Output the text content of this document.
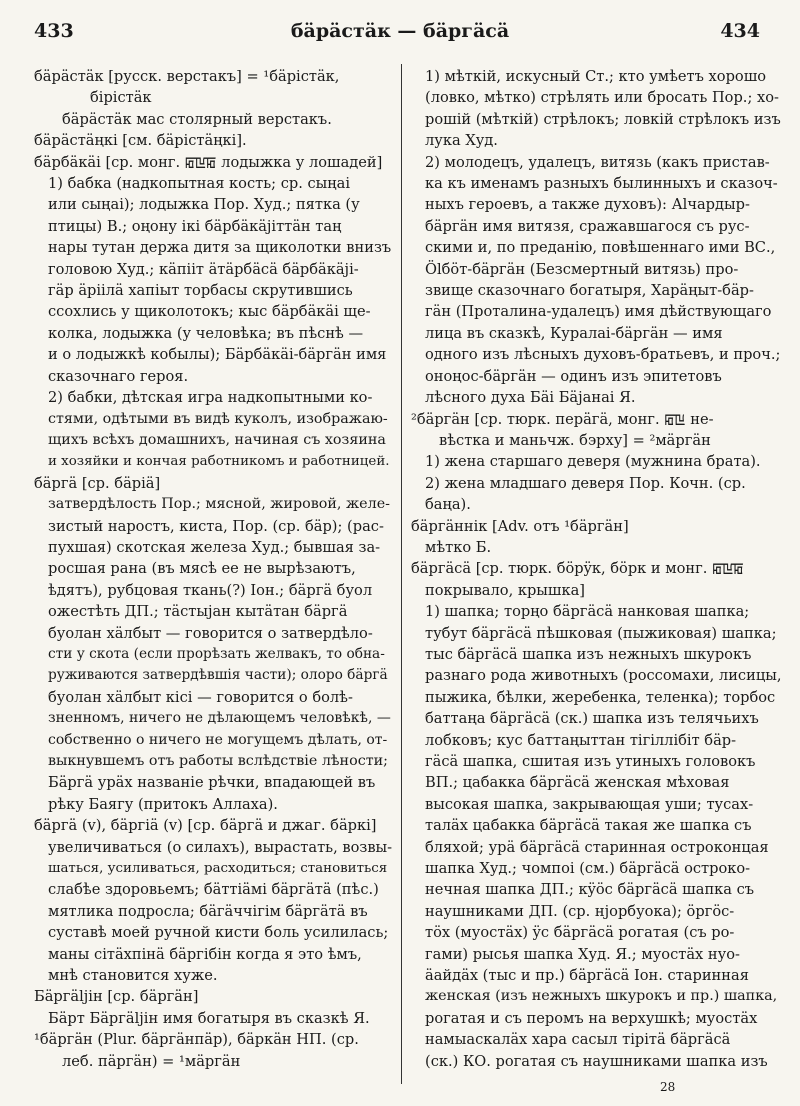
433	бäрäстäк — бäргäсä	434
бäрäстäк [русск. верстакъ] = ¹бäрiстäк,
бiрiстäк
бäрäстäк мас столярный верстакъ.
бäрäстäңкi [см. бäрiстäңкi].
бäрбäкäi [ср. монг. ꡂꡖꡂ лодыжка у лошадей]
1) бабка (надкопытная кость; ср. сыңаi
или сыңаi); лодыжка Пор. Худ.; пятка (у
птицы) В.; оңону iкi бäрбäкäjiттäн таң
нары тутан держа дитя за щиколотки внизъ
головою Худ.; кäпiiт äтäрбäсä бäрбäкäji-
гäр äрiiлä хапiыт торбасы скрутившись
ссохлись у щиколотокъ; кыс бäрбäкäi ще-
колка, лодыжка (у человѣка; въ пѣснѣ —
и о лодыжкѣ кобылы); Бäрбäкäi-бäргäн имя
сказочнаго героя.
2) бабки, дѣтская игра надкопытными ко-
стями, одѣтыми въ видѣ куколъ, изображаю-
щихъ всѣхъ домашнихъ, начиная съ хозяина
и хозяйки и кончая работникомъ и работницей.
бäргä [ср. бäрiä]
затвердѣлость Пор.; мясной, жировой, желе-
зистый наростъ, киста, Пор. (ср. бäр); (рас-
пухшая) скотская железа Худ.; бывшая за-
росшая рана (въ мясѣ ее не вырѣзаютъ,
ѣдятъ), рубцовая ткань(?) Iон.; бäргä буол
ожестѣть ДП.; тäстыјан кытäтан бäргä
буолан хäлбыт — говорится о затвердѣло-
сти у скота (если прорѣзать желвакъ, то обна-
руживаются затвердѣвшiя части); олоро бäргä
буолан хäлбыт кiсi — говорится о болѣ-
зненномъ, ничего не дѣлающемъ человѣкѣ, —
собственно о ничего не могущемъ дѣлать, от-
выкнувшемъ отъ работы вслѣдствiе лѣности;
Бäргä урäх названiе рѣчки, впадающей въ
рѣку Баягу (притокъ Аллаха).
бäргä (v), бäргiä (v) [ср. бäргä и джаг. бäркi]
увеличиваться (о силахъ), вырастать, возвы-
шаться, усиливаться, расходиться; становиться
слабѣе здоровьемъ; бäттiäмi бäргäтä (пѣс.)
мятлика подросла; бäгäччiгiм бäргäтä въ
суставѣ моей ручной кисти боль усилилась;
маны сiтäхпiнä бäргiбiн когда я это ѣмъ,
мнѣ становится хуже.
Бäргäljiн [ср. бäргäн]
Бäрт Бäргäljiн имя богатыря въ сказкѣ Я.
¹бäргäн (Plur. бäргäнпäр), бäркäн НП. (ср.
леб. пäргäн) = ¹мäргäн
1) мѣткiй, искусный Ст.; кто умѣетъ хорошо
(ловко, мѣтко) стрѣлять или бросать Пор.; хо-
рошiй (мѣткiй) стрѣлокъ; ловкiй стрѣлокъ изъ
лука Худ.
2) молодецъ, удалецъ, витязь (какъ пристав-
ка къ именамъ разныхъ былинныхъ и сказоч-
ныхъ героевъ, а также духовъ): Аlчардыр-
бäргäн имя витязя, сражавшагося съ рус-
скими и, по преданiю, повѣшеннаго ими ВС.,
Ölбöт-бäргäн (Безсмертный витязь) про-
звище сказочнаго богатыря, Харäңыт-бäр-
гäн (Проталина-удалецъ) имя дѣйствующаго
лица въ сказкѣ, Куралаi-бäргäн — имя
одного изъ лѣсныхъ духовъ-братьевъ, и проч.;
оноңос-бäргäн — одинъ изъ эпитетовъ
лѣсного духа Бäi Бäјанаi Я.
²бäргäн [ср. тюрк. перäгä, монг. ꡂꡖ не-
вѣстка и маньчж. бэрху] = ²мäргäн
1) жена старшаго деверя (мужнина брата).
2) жена младшаго деверя Пор. Кочн. (ср.
баңа).
бäргäннiк [Adv. отъ ¹бäргäн]
мѣтко Б.
бäргäсä [ср. тюрк. бöрÿк, бöрк и монг. ꡂꡖꡂ
покрывало, крышка]
1) шапка; торңо бäргäсä нанковая шапка;
тубут бäргäсä пѣшковая (пыжиковая) шапка;
тыс бäргäсä шапка изъ нежныхъ шкурокъ
разнаго рода животныхъ (россомахи, лисицы,
пыжика, бѣлки, жеребенка, теленка); торбос
баттаңа бäргäсä (ск.) шапка изъ телячьихъ
лобковъ; кус баттаңыттан тiгiллiбiт бäр-
гäсä шапка, сшитая изъ утиныхъ головокъ
ВП.; цабакка бäргäсä женская мѣховая
высокая шапка, закрывающая уши; тусах-
талäх цабакка бäргäсä такая же шапка съ
бляхой; урä бäргäсä старинная остроконцая
шапка Худ.; чомпоi (см.) бäргäсä остроко-
нечная шапка ДП.; кÿöс бäргäсä шапка съ
наушниками ДП. (ср. нјорбуока); öргöс-
тöх (муостäх) ÿс бäргäсä рогатая (съ ро-
гами) рысья шапка Худ. Я.; муостäх нуо-
äайдäх (тыс и пр.) бäргäсä Iон. старинная
женская (изъ нежныхъ шкурокъ и пр.) шапка,
рогатая и съ перомъ на верхушкѣ; муостäх
намыаскалäх хара сасыл тiрiтä бäргäсä
(ск.) КО. рогатая съ наушниками шапка изъ
28
